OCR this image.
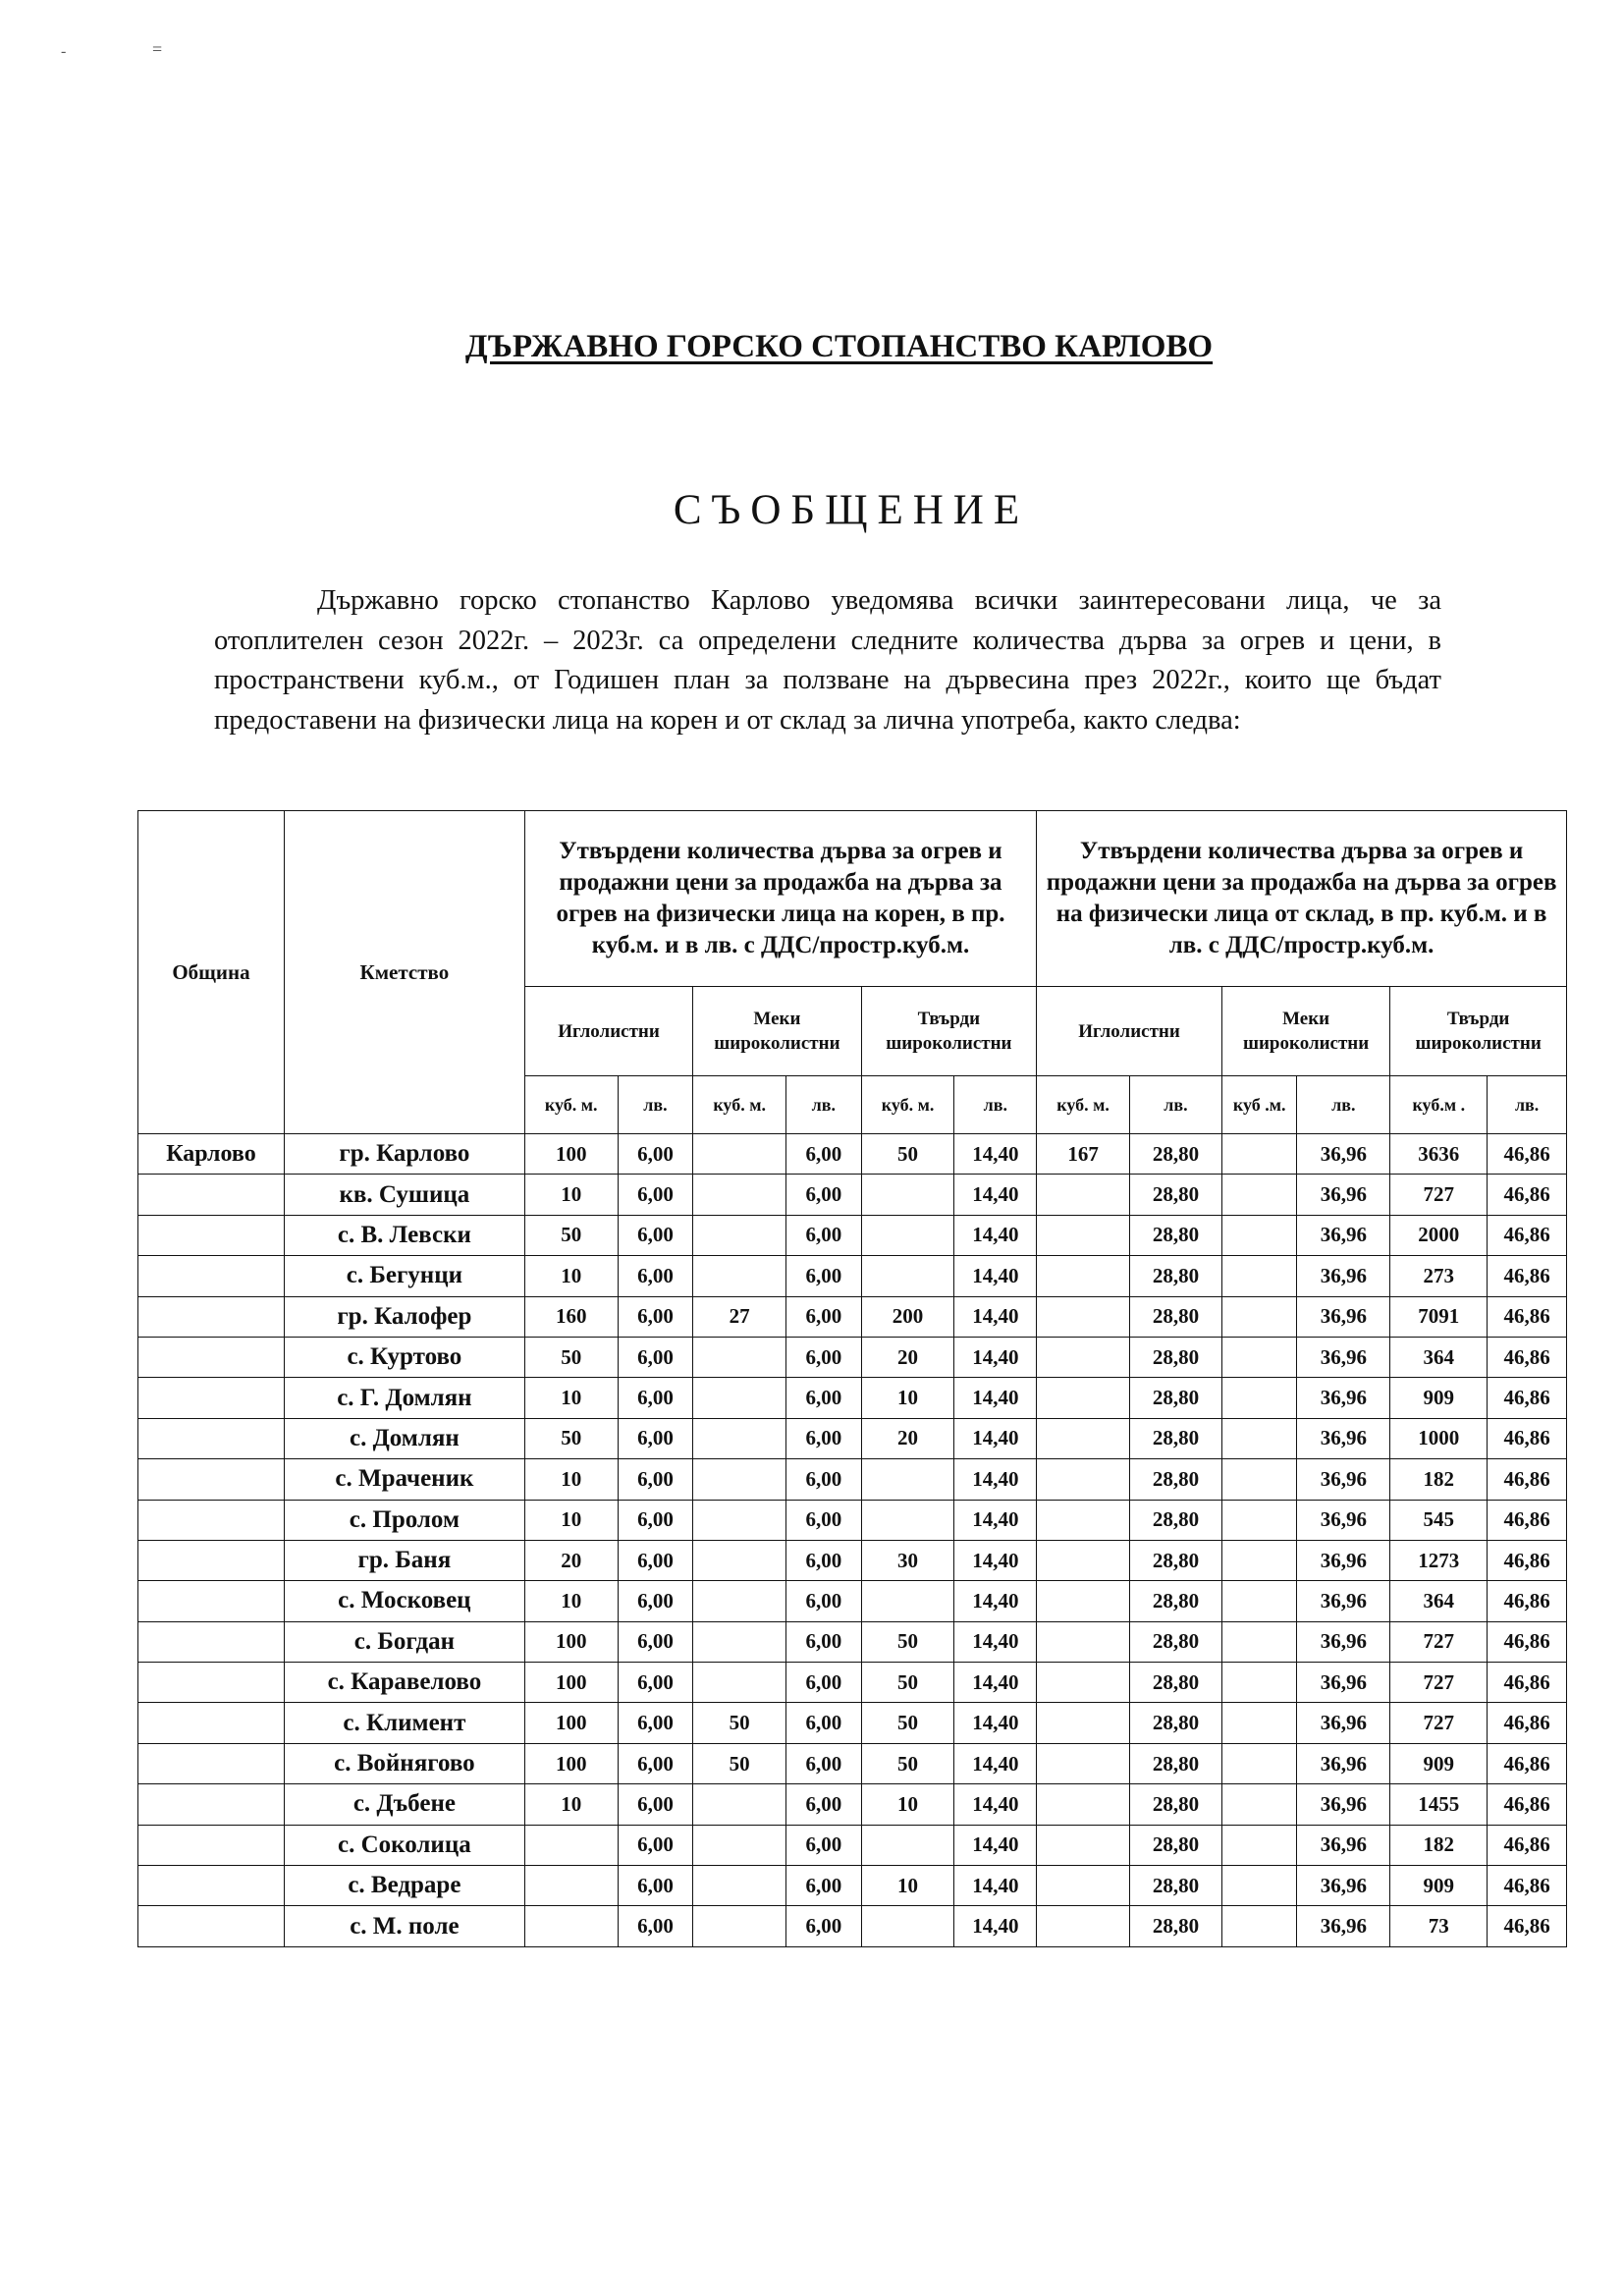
-	=
ДЪРЖАВНО ГОРСКО СТОПАНСТВО КАРЛОВО
СЪОБЩЕНИЕ

Държавно горско стопанство Карлово уведомява всички заинтересовани лица, че за отоплителен сезон 2022г. – 2023г. са определени следните количества дърва за огрев и цени, в пространствени куб.м., от Годишен план за ползване на дървесина през 2022г., които ще бъдат предоставени на физически лица на корен и от склад за лична употреба, както следва:

Община	Кметство	Утвърдени количества дърва за огрев и продажни цени за продажба на дърва за огрев на физически лица на корен, в пр. куб.м. и в лв. с ДДС/простр.куб.м.						Утвърдени количества дърва за огрев и продажни цени за продажба на дърва за огрев на физически лица от склад, в пр. куб.м. и в лв. с ДДС/простр.куб.м.					
		Иглолистни		Меки широколистни		Твърди широколистни		Иглолистни		Меки широколистни		Твърди широколистни	
		куб. м.	лв.	куб. м.	лв.	куб. м.	лв.	куб. м.	лв.	куб .м.	лв.	куб.м .	лв.
Карлово	гр. Карлово	100	6,00		6,00	50	14,40	167	28,80		36,96	3636	46,86
	кв. Сушица	10	6,00		6,00		14,40		28,80		36,96	727	46,86
	с. В. Левски	50	6,00		6,00		14,40		28,80		36,96	2000	46,86
	с. Бегунци	10	6,00		6,00		14,40		28,80		36,96	273	46,86
	гр. Калофер	160	6,00	27	6,00	200	14,40		28,80		36,96	7091	46,86
	с. Куртово	50	6,00		6,00	20	14,40		28,80		36,96	364	46,86
	с. Г. Домлян	10	6,00		6,00	10	14,40		28,80		36,96	909	46,86
	с. Домлян	50	6,00		6,00	20	14,40		28,80		36,96	1000	46,86
	с. Мраченик	10	6,00		6,00		14,40		28,80		36,96	182	46,86
	с. Пролом	10	6,00		6,00		14,40		28,80		36,96	545	46,86
	гр. Баня	20	6,00		6,00	30	14,40		28,80		36,96	1273	46,86
	с. Московец	10	6,00		6,00		14,40		28,80		36,96	364	46,86
	с. Богдан	100	6,00		6,00	50	14,40		28,80		36,96	727	46,86
	с. Каравелово	100	6,00		6,00	50	14,40		28,80		36,96	727	46,86
	с. Климент	100	6,00	50	6,00	50	14,40		28,80		36,96	727	46,86
	с. Войнягово	100	6,00	50	6,00	50	14,40		28,80		36,96	909	46,86
	с. Дъбене	10	6,00		6,00	10	14,40		28,80		36,96	1455	46,86
	с. Соколица		6,00		6,00		14,40		28,80		36,96	182	46,86
	с. Ведраре		6,00		6,00	10	14,40		28,80		36,96	909	46,86
	с. М. поле		6,00		6,00		14,40		28,80		36,96	73	46,86
